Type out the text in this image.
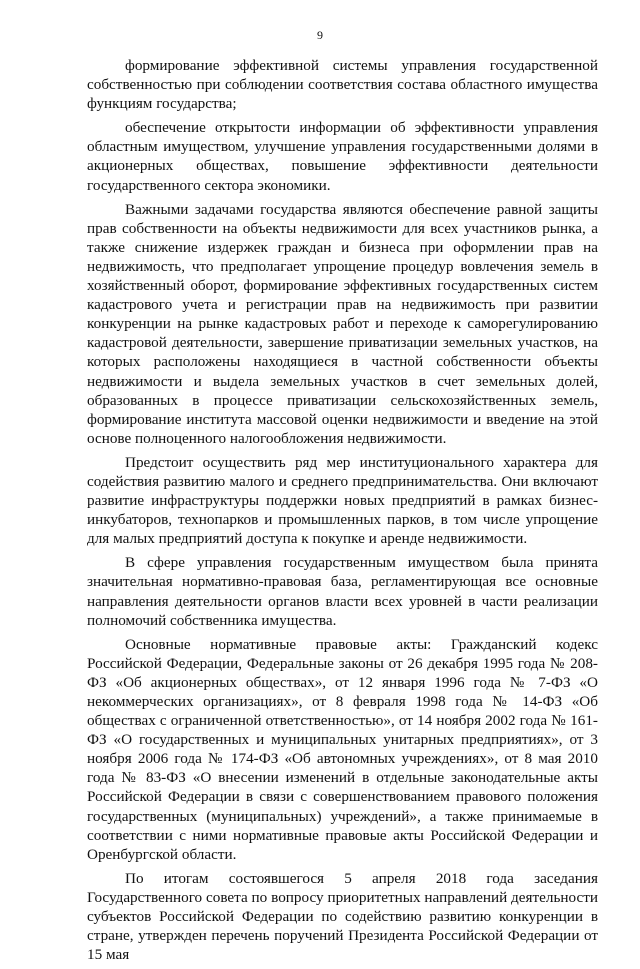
9

формирование эффективной системы управления государственной собственностью при соблюдении соответствия состава областного имущества функциям государства;

обеспечение открытости информации об эффективности управления областным имуществом, улучшение управления государственными долями в акционерных обществах, повышение эффективности деятельности государственного сектора экономики.

Важными задачами государства являются обеспечение равной защиты прав собственности на объекты недвижимости для всех участников рынка, а также снижение издержек граждан и бизнеса при оформлении прав на недвижимость, что предполагает упрощение процедур вовлечения земель в хозяйственный оборот, формирование эффективных государственных систем кадастрового учета и регистрации прав на недвижимость при развитии конкуренции на рынке кадастровых работ и переходе к саморегулированию кадастровой деятельности, завершение приватизации земельных участков, на которых расположены находящиеся в частной собственности объекты недвижимости и выдела земельных участков в счет земельных долей, образованных в процессе приватизации сельскохозяйственных земель, формирование института массовой оценки недвижимости и введение на этой основе полноценного налогообложения недвижимости.

Предстоит осуществить ряд мер институционального характера для содействия развитию малого и среднего предпринимательства. Они включают развитие инфраструктуры поддержки новых предприятий в рамках бизнес-инкубаторов, технопарков и промышленных парков, в том числе упрощение для малых предприятий доступа к покупке и аренде недвижимости.

В сфере управления государственным имуществом была принята значительная нормативно-правовая база, регламентирующая все основные направления деятельности органов власти всех уровней в части реализации полномочий собственника имущества.

Основные нормативные правовые акты: Гражданский кодекс Российской Федерации, Федеральные законы от 26 декабря 1995 года № 208-ФЗ «Об акционерных обществах», от 12 января 1996 года № 7-ФЗ «О некоммерческих организациях», от 8 февраля 1998 года № 14-ФЗ «Об обществах с ограниченной ответственностью», от 14 ноября 2002 года № 161-ФЗ «О государственных и муниципальных унитарных предприятиях», от 3 ноября 2006 года № 174-ФЗ «Об автономных учреждениях», от 8 мая 2010 года № 83-ФЗ «О внесении изменений в отдельные законодательные акты Российской Федерации в связи с совершенствованием правового положения государственных (муниципальных) учреждений», а также принимаемые в соответствии с ними нормативные правовые акты Российской Федерации и Оренбургской области.

По итогам состоявшегося 5 апреля 2018 года заседания Государственного совета по вопросу приоритетных направлений деятельности субъектов Российской Федерации по содействию развитию конкуренции в стране, утвержден перечень поручений Президента Российской Федерации от 15 мая
